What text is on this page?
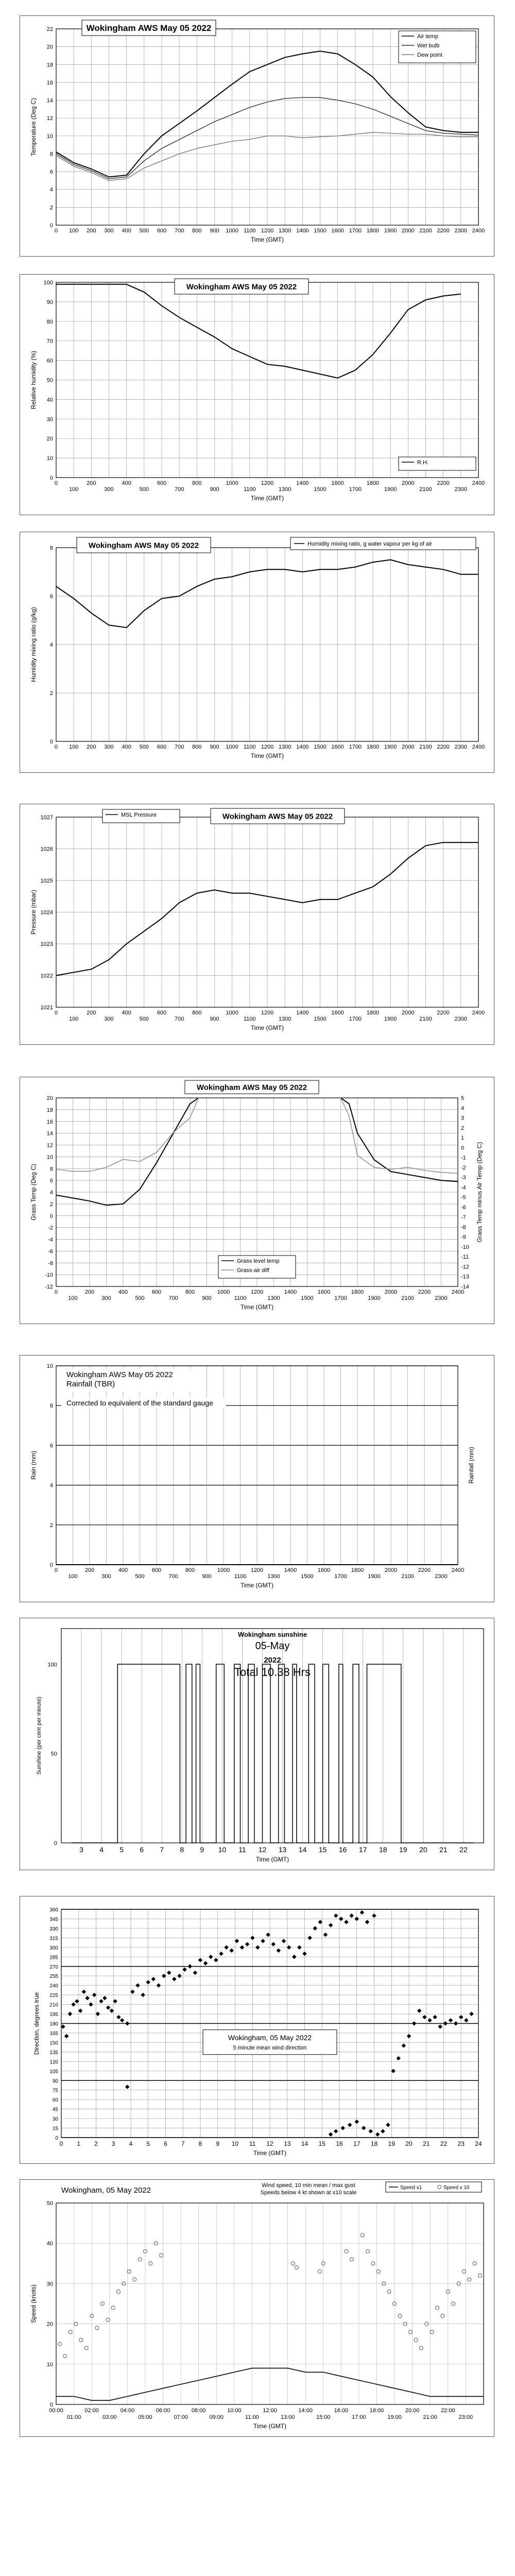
0 100 200 300 400 500 600 700 800 900 1000 1100 1200 1300 1400 1500 1600 1700 1800 1900 2000 2100 2200 2300 2400
0
2
4
6
8
10
12
14
16
18
20
22
Time (GMT)
Temperature (Deg C)
Wokingham AWS May 05 2022
Air temp
Wet bulb
Dew point
0
100
200
300
400
500
600
700
800
900
1000
1100
1200
1300
1400
1500
1600
1700
1800
1900
2000
2100
2200
2300
2400
0
10
20
30
40
50
60
70
80
90
100
Time (GMT)
Relative humidity (%)
Wokingham AWS May 05 2022
R.H.
0 100 200 300 400 500 600 700 800 900 1000 1100 1200 1300 1400 1500 1600 1700 1800 1900 2000 2100 2200 2300 2400
0
2
4
6
8
Time (GMT)
Humidity mixing ratio (g/kg)
Wokingham AWS May 05 2022	Humidity mixing ratio, g water vapour per kg of air
0
100
200
300
400
500
600
700
800
900
1000
1100
1200
1300
1400
1500
1600
1700
1800
1900
2000
2100
2200
2300
2400
1021
1022
1023
1024
1025
1026
1027
Time (GMT)
Pressure (mbar)
MSL Pressure	Wokingham AWS May 05 2022
0
100
200
300
400
500
600
700
800
900
1000
1100
1200
1300
1400
1500
1600
1700
1800
1900
2000
2100
2200
2300
2400
-12
-10
-8
-6
-4
-2
0
2
4
6
8
10
12
14
16
18
20
Time (GMT)
Grass Temp (Deg C)
-14
-13
-12
-11
-10
-9
-8
-7
-6
-5
-4
-3
-2
-1
0
1
2
3
4
5
Grass Temp minus Air Temp (Deg C)
Wokingham AWS May 05 2022
Grass level temp
Grass-air diff
0
100
200
300
400
500
600
700
800
900
1000
1100
1200
1300
1400
1500
1600
1700
1800
1900
2000
2100
2200
2300
2400
0
2
4
6
8
10
Time (GMT)
Rain (mm)	Rainfall (mm)
Wokingham AWS May 05 2022
Rainfall (TBR)
Corrected to equivalent of the standard gauge
3 4 5 6 7 8 9 10 11 12 13 14 15 16 17 18 19 20 21 22
0
50
100
Time (GMT)
Sunshine (per cent per minute)
Wokingham sunshine
05-May
2022
Total 10.38 Hrs
0 1 2 3 4 5 6 7 8 9 10 11 12 13 14 15 16 17 18 19 20 21 22 23 24
0
15
30
45
60
75
90
105
120
135
150
165
180
195
210
225
240
255
270
285
300
315
330
345
360
Time (GMT)
Direction, degrees true	Wokingham, 05 May 2022
5 minute mean wind direction
00:00
01:00
02:00
03:00
04:00
05:00
06:00
07:00
08:00
09:00
10:00
11:00
12:00
13:00
14:00
15:00
16:00
17:00
18:00
19:00
20:00
21:00
22:00
23:00
0
10
20
30
40
50
Time (GMT)
Speed (knots)
Wokingham, 05 May 2022
Wind speed, 10 min mean / max gust
Speeds below 4 kt shown at x10 scale
Speed x1	Speed x 10
